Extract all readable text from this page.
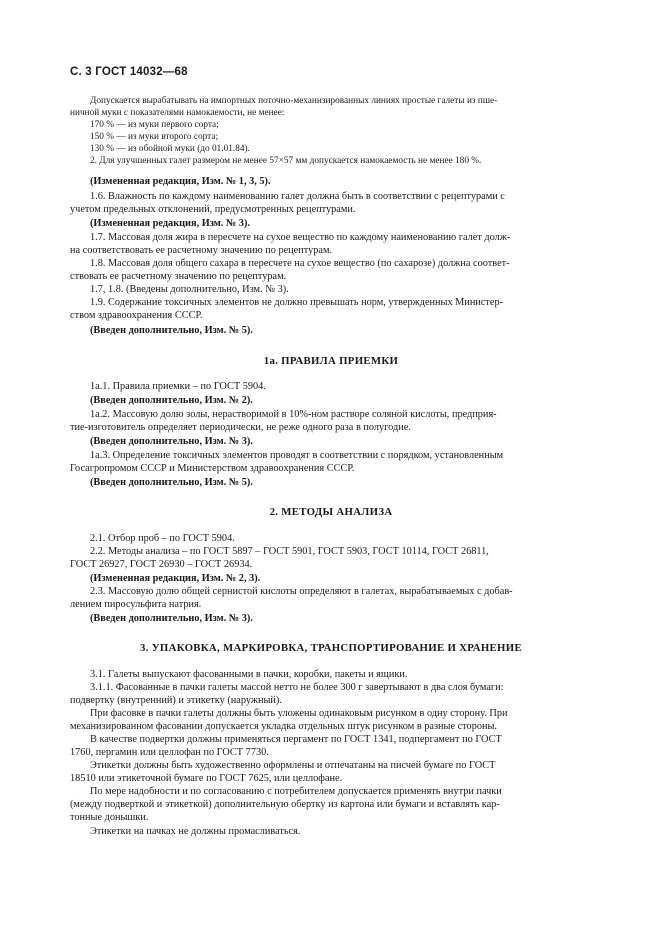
С. 3 ГОСТ 14032—68

Допускается вырабатывать на импортных поточно-механизированных линиях простые галеты из пше-

ничной муки с показателями намокаемости, не менее:

170 % — из муки первого сорта;

150 % — из муки второго сорта;

130 % — из обойной муки (до 01.01.84).

2. Для улучшенных галет размером не менее 57×57 мм допускается намокаемость не менее 180 %.

(Измененная редакция, Изм. № 1, 3, 5).

1.6. Влажность по каждому наименованию галет должна быть в соответствии с рецептурами с

учетом предельных отклонений, предусмотренных рецептурами.

(Измененная редакция, Изм. № 3).

1.7. Массовая доля жира в пересчете на сухое вещество по каждому наименованию галет долж-

на соответствовать ее расчетному значению по рецептурам.

1.8. Массовая доля общего сахара в пересчете на сухое вещество (по сахарозе) должна соответ-

ствовать ее расчетному значению по рецептурам.

1.7, 1.8. (Введены дополнительно, Изм. № 3).

1.9. Содержание токсичных элементов не должно превышать норм, утвержденных Министер-

ством здравоохранения СССР.

(Введен дополнительно, Изм. № 5).

1а. ПРАВИЛА ПРИЕМКИ

1а.1. Правила приемки – по ГОСТ 5904.

(Введен дополнительно, Изм. № 2).

1а.2. Массовую долю золы, нерастворимой в 10%-ном растворе соляной кислоты, предприя-

тие-изготовитель определяет периодически, не реже одного раза в полугодие.

(Введен дополнительно, Изм. № 3).

1а.3. Определение токсичных элементов проводят в соответствии с порядком, установленным

Госагропромом СССР и Министерством здравоохранения СССР.

(Введен дополнительно, Изм. № 5).

2. МЕТОДЫ АНАЛИЗА

2.1. Отбор проб – по ГОСТ 5904.

2.2. Методы анализа – по ГОСТ 5897 – ГОСТ 5901, ГОСТ 5903, ГОСТ 10114, ГОСТ 26811,

ГОСТ 26927, ГОСТ 26930 – ГОСТ 26934.

(Измененная редакция, Изм. № 2, 3).

2.3. Массовую долю общей сернистой кислоты определяют в галетах, вырабатываемых с добав-

лением пиросульфита натрия.

(Введен дополнительно, Изм. № 3).

3. УПАКОВКА, МАРКИРОВКА, ТРАНСПОРТИРОВАНИЕ И ХРАНЕНИЕ

3.1. Галеты выпускают фасованными в пачки, коробки, пакеты и ящики.

3.1.1. Фасованные в пачки галеты массой нетто не более 300 г завертывают в два слоя бумаги:

подвертку (внутренний) и этикетку (наружный).

При фасовке в пачки галеты должны быть уложены одинаковым рисунком в одну сторону. При

механизированном фасовании допускается укладка отдельных штук рисунком в разные стороны.

В качестве подвертки должны применяться пергамент по ГОСТ 1341, подпергамент по ГОСТ

1760, пергамин или целлофан по ГОСТ 7730.

Этикетки должны быть художественно оформлены и отпечатаны на писчей бумаге по ГОСТ

18510 или этикеточной бумаге по ГОСТ 7625, или целлофане.

По мере надобности и по согласованию с потребителем допускается применять внутри пачки

(между подверткой и этикеткой) дополнительную обертку из картона или бумаги и вставлять кар-

тонные донышки.

Этикетки на пачках не должны промасливаться.
